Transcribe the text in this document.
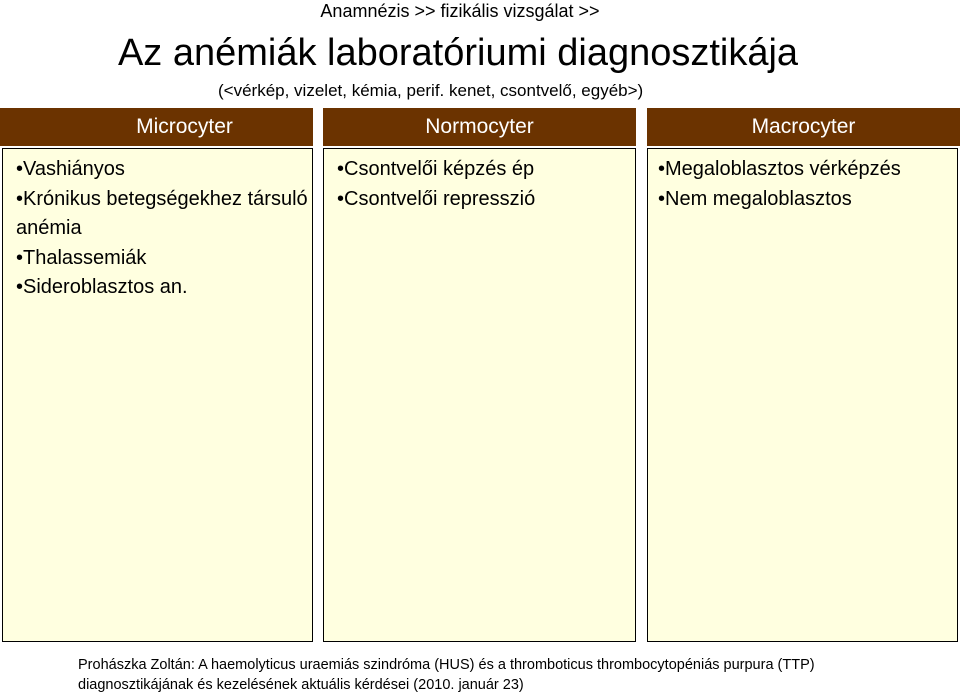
Anamnézis >> fizikális vizsgálat >>
Az anémiák laboratóriumi diagnosztikája
(<vérkép, vizelet, kémia, perif. kenet, csontvelő, egyéb>)
Microcyter
•Vashiányos
•Krónikus betegségekhez társuló anémia
•Thalassemiák
•Sideroblasztos an.
Normocyter
•Csontvelői képzés ép
•Csontvelői represszió
Macrocyter
•Megaloblasztos vérképzés
•Nem megaloblasztos
Prohászka Zoltán: A haemolyticus uraemiás szindróma (HUS) és a thromboticus thrombocytopéniás purpura (TTP)
diagnosztikájának és kezelésének aktuális kérdései (2010. január 23)
